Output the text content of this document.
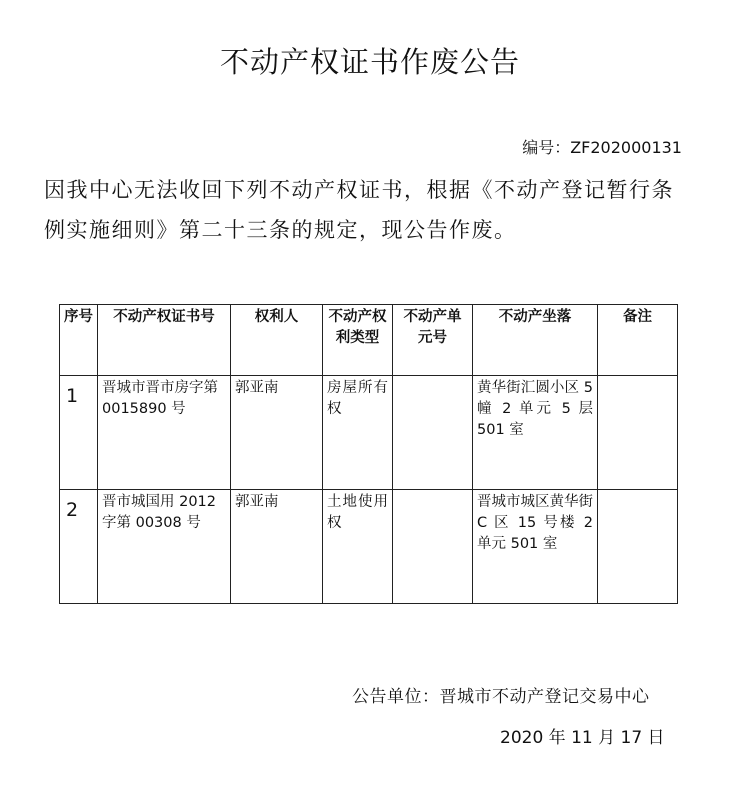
不动产权证书作废公告
编号：ZF202000131
因我中心无法收回下列不动产权证书，根据《不动产登记暂行条例实施细则》第二十三条的规定，现公告作废。
序号	不动产权证书号	权利人	不动产权利类型	不动产单元号	不动产坐落	备注
1	晋城市晋市房字第 0015890 号	郭亚南	房屋所有权		黄华街汇圆小区 5 幢 2 单元 5 层 501 室	
2	晋市城国用 2012 字第 00308 号	郭亚南	土地使用权		晋城市城区黄华街 C 区 15 号楼 2 单元 501 室	
公告单位：晋城市不动产登记交易中心
2020 年 11 月 17 日
